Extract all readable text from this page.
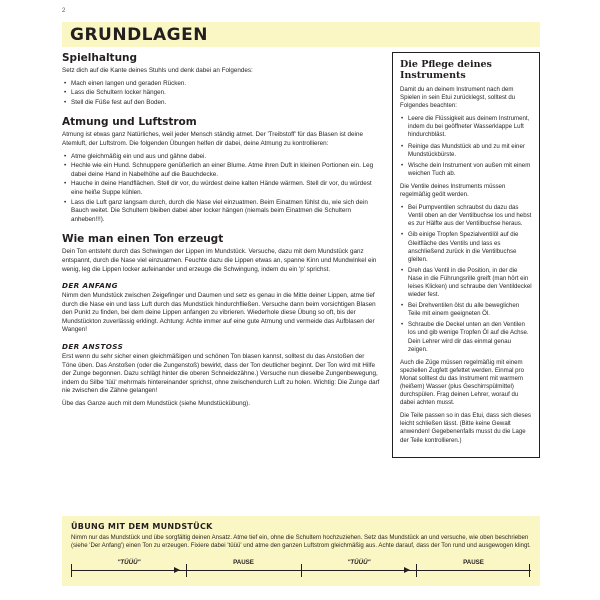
2
GRUNDLAGEN
Spielhaltung

Setz dich auf die Kante deines Stuhls und denk dabei an Folgendes:

• Mach einen langen und geraden Rücken.
• Lass die Schultern locker hängen.
• Stell die Füße fest auf den Boden.
Atmung und Luftstrom

Atmung ist etwas ganz Natürliches, weil jeder Mensch ständig atmet. Der 'Treibstoff' für das Blasen ist deine Atemluft, der Luftstrom. Die folgenden Übungen helfen dir dabei, deine Atmung zu kontrollieren:

• Atme gleichmäßig ein und aus und gähne dabei.
• Hechle wie ein Hund. Schnuppere genüßerlich an einer Blume. Atme ihren Duft in kleinen Portionen ein. Leg dabei deine Hand in Nabelhöhe auf die Bauchdecke.
• Hauche in deine Handflächen. Stell dir vor, du würdest deine kalten Hände wärmen. Stell dir vor, du würdest eine heiße Suppe kühlen.
• Lass die Luft ganz langsam durch, durch die Nase viel einzuatmen. Beim Einatmen fühlst du, wie sich dein Bauch weitet. Die Schultern bleiben dabei aber locker hängen (niemals beim Einatmen die Schultern anheben!!!).
Wie man einen Ton erzeugt

Dein Ton entsteht durch das Schwingen der Lippen im Mundstück. Versuche, dazu mit dem Mundstück ganz entspannt, durch die Nase viel einzuatmen. Feuchte dazu die Lippen etwas an, spanne Kinn und Mundwinkel ein wenig, leg die Lippen locker aufeinander und erzeuge die Schwingung, indem du ein 'p' sprichst.

DER ANFANG

Nimm den Mundstück zwischen Zeigefinger und Daumen und setz es genau in die Mitte deiner Lippen, atme tief durch die Nase ein und lass Luft durch das Mundstück hindurchfließen. Versuche dann beim vorsichtigen Blasen den Punkt zu finden, bei dem deine Lippen anfangen zu vibrieren. Wiederhole diese Übung so oft, bis der Mundstückton zuverlässig erklingt. Achtung: Achte immer auf eine gute Atmung und vermeide das Aufblasen der Wangen!

DER ANSTOSS

Erst wenn du sehr sicher einen gleichmäßigen und schönen Ton blasen kannst, solltest du das Anstoßen der Töne üben. Das Anstoßen (oder die Zungenstoß) bewirkt, dass der Ton deutlicher beginnt. Der Ton wird mit Hilfe der Zunge begonnen. Dazu schlägt hinter die oberen Schneidezähne.) Versuche nun dieselbe Zungenbewegung, indem du Silbe 'tüü' mehrmals hintereinander sprichst, ohne zwischendurch Luft zu holen. Wichtig: Die Zunge darf nie zwischen die Zähne gelangen!

Übe das Ganze auch mit dem Mundstück (siehe Mundstückübung).

Die Pflege deines Instruments

Damit du an deinem Instrument nach dem Spielen in sein Etui zurücklegst, solltest du Folgendes beachten:

• Leere die Flüssigkeit aus deinem Instrument, indem du bei geöffneter Wasserklappe Luft hindurchbläst.
• Reinige das Mundstück ab und zu mit einer Mundstückbürste.
• Wische dein Instrument von außen mit einem weichen Tuch ab.

Die Ventile deines Instruments müssen regelmäßig geölt werden.

• Bei Pumpventilen schraubst du dazu das Ventil oben an der Ventilbuchse los und hebst es zur Hälfte aus der Ventilbuchse heraus.
• Gib einige Tropfen Spezialventilöl auf die Gleitfläche des Ventils und lass es anschließend zurück in die Ventilbuchse gleiten.
• Dreh das Ventil in die Position, in der die Nase in die Führungsrille greift (man hört ein leises Klicken) und schraube den Ventildeckel wieder fest.
• Bei Drehventilen ölst du alle beweglichen Teile mit einem geeigneten Öl.
• Schraube die Deckel unten an den Ventilen los und gib wenige Tropfen Öl auf die Achse. Dein Lehrer wird dir das einmal genau zeigen.

Auch die Züge müssen regelmäßig mit einem speziellen Zugfett gefettet werden. Einmal pro Monat solltest du das Instrument mit warmem (heißem) Wasser (plus Geschirrspülmittel) durchspülen. Frag deinen Lehrer, worauf du dabei achten musst.

Die Teile passen so in das Etui, dass sich dieses leicht schließen lässt. (Bitte keine Gewalt anwenden! Gegebenenfalls musst du die Lage der Teile kontrollieren.)

ÜBUNG MIT DEM MUNDSTÜCK

Nimm nur das Mundstück und übe sorgfältig deinen Ansatz. Atme tief ein, ohne die Schultern hochzuziehen. Setz das Mundstück an und versuche, wie oben beschrieben (siehe 'Der Anfang') einen Ton zu erzeugen. Fixiere dabei 'tüüü' und atme den ganzen Luftstrom gleichmäßig aus. Achte darauf, dass der Ton rund und ausgewogen klingt.

"TÜÜÜ"	PAUSE	"TÜÜÜ"	PAUSE
